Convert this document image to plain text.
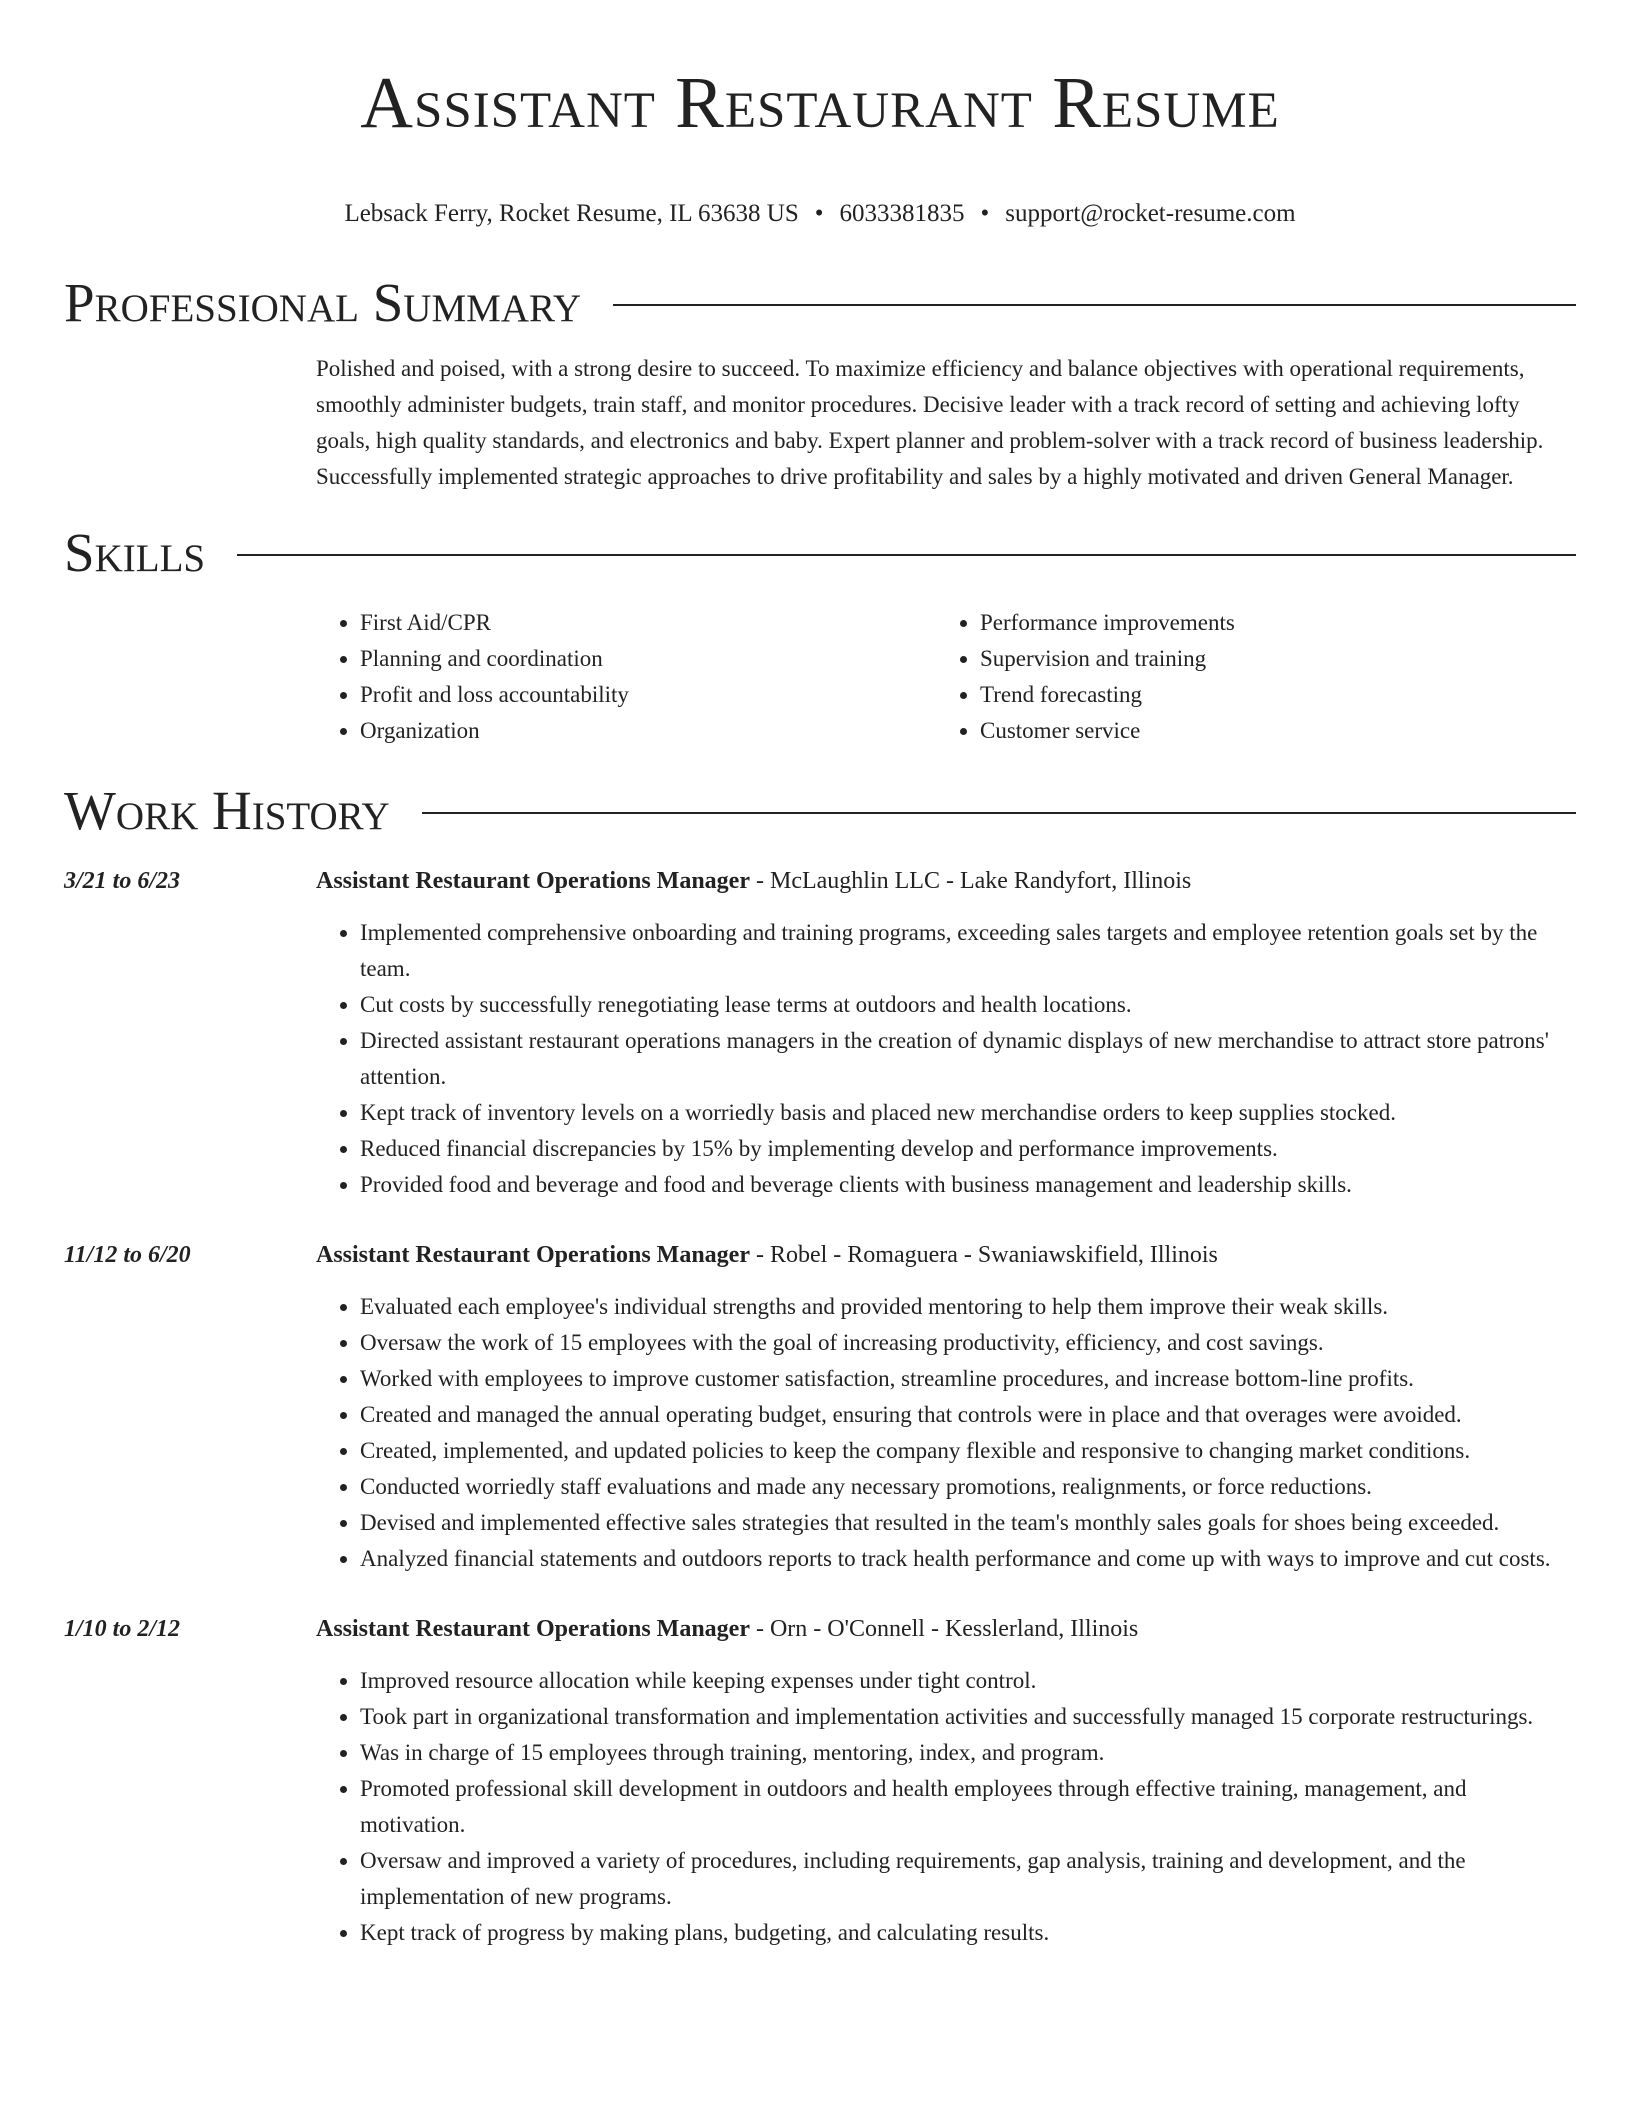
Assistant Restaurant Resume
Lebsack Ferry, Rocket Resume, IL 63638 US • 6033381835 • support@rocket-resume.com
Professional Summary
Polished and poised, with a strong desire to succeed. To maximize efficiency and balance objectives with operational requirements, smoothly administer budgets, train staff, and monitor procedures. Decisive leader with a track record of setting and achieving lofty goals, high quality standards, and electronics and baby. Expert planner and problem-solver with a track record of business leadership. Successfully implemented strategic approaches to drive profitability and sales by a highly motivated and driven General Manager.
Skills
• First Aid/CPR
• Planning and coordination
• Profit and loss accountability
• Organization
• Performance improvements
• Supervision and training
• Trend forecasting
• Customer service
Work History
3/21 to 6/23	Assistant Restaurant Operations Manager - McLaughlin LLC - Lake Randyfort, Illinois
• Implemented comprehensive onboarding and training programs, exceeding sales targets and employee retention goals set by the team.
• Cut costs by successfully renegotiating lease terms at outdoors and health locations.
• Directed assistant restaurant operations managers in the creation of dynamic displays of new merchandise to attract store patrons' attention.
• Kept track of inventory levels on a worriedly basis and placed new merchandise orders to keep supplies stocked.
• Reduced financial discrepancies by 15% by implementing develop and performance improvements.
• Provided food and beverage and food and beverage clients with business management and leadership skills.
11/12 to 6/20	Assistant Restaurant Operations Manager - Robel - Romaguera - Swaniawskifield, Illinois
• Evaluated each employee's individual strengths and provided mentoring to help them improve their weak skills.
• Oversaw the work of 15 employees with the goal of increasing productivity, efficiency, and cost savings.
• Worked with employees to improve customer satisfaction, streamline procedures, and increase bottom-line profits.
• Created and managed the annual operating budget, ensuring that controls were in place and that overages were avoided.
• Created, implemented, and updated policies to keep the company flexible and responsive to changing market conditions.
• Conducted worriedly staff evaluations and made any necessary promotions, realignments, or force reductions.
• Devised and implemented effective sales strategies that resulted in the team's monthly sales goals for shoes being exceeded.
• Analyzed financial statements and outdoors reports to track health performance and come up with ways to improve and cut costs.
1/10 to 2/12	Assistant Restaurant Operations Manager - Orn - O'Connell - Kesslerland, Illinois
• Improved resource allocation while keeping expenses under tight control.
• Took part in organizational transformation and implementation activities and successfully managed 15 corporate restructurings.
• Was in charge of 15 employees through training, mentoring, index, and program.
• Promoted professional skill development in outdoors and health employees through effective training, management, and motivation.
• Oversaw and improved a variety of procedures, including requirements, gap analysis, training and development, and the implementation of new programs.
• Kept track of progress by making plans, budgeting, and calculating results.
